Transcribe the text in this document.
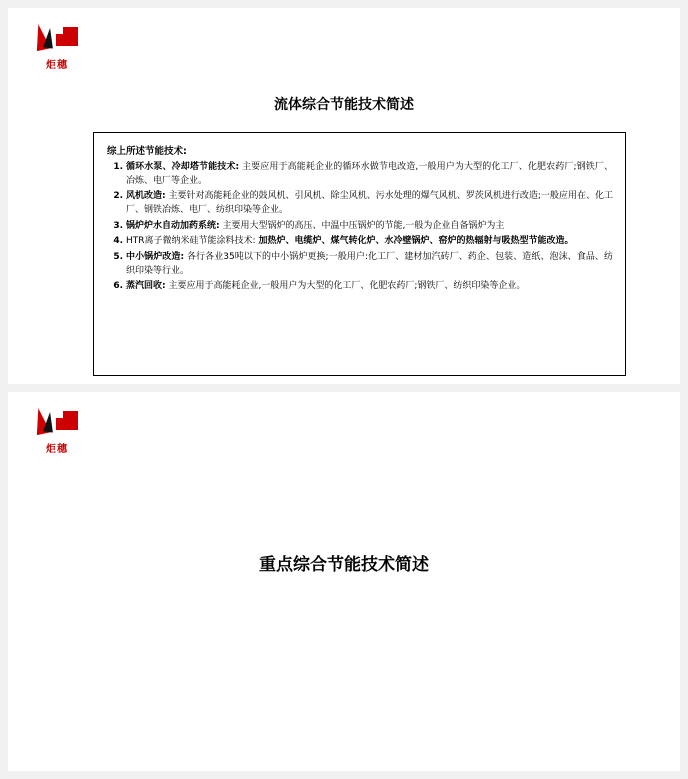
炬穗
流体综合节能技术简述
综上所述节能技术:
1. 循环水泵、冷却塔节能技术: 主要应用于高能耗企业的循环水做节电改造,一般用户为大型的化工厂、化肥农药厂;钢铁厂、冶炼、电厂等企业。
2. 风机改造: 主要针对高能耗企业的鼓风机、引风机、除尘风机、污水处理的爆气风机、罗茨风机进行改造;一般应用在、化工厂、钢铁冶炼、电厂、纺织印染等企业。
3. 锅炉炉水自动加药系统: 主要用大型锅炉的高压、中温中压锅炉的节能,一般为企业自备锅炉为主
4. HTR离子微纳米硅节能涂料技术: 加热炉、电缆炉、煤气转化炉、水冷壁锅炉、窑炉的热辐射与吸热型节能改造。
5. 中小锅炉改造: 各行各业35吨以下的中小锅炉更换;一般用户:化工厂、建材加汽砖厂、药企、包装、造纸、泡沫、食品、纺织印染等行业。
6. 蒸汽回收: 主要应用于高能耗企业,一般用户为大型的化工厂、化肥农药厂;钢铁厂、纺织印染等企业。
炬穗
重点综合节能技术简述
